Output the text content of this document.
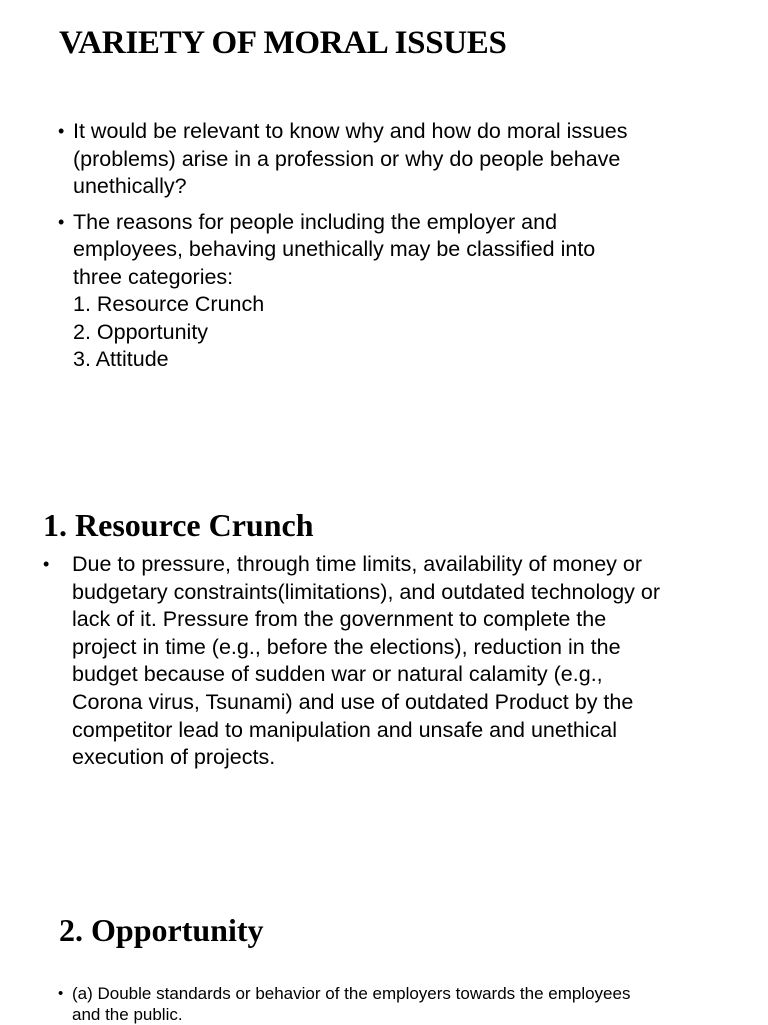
VARIETY OF MORAL ISSUES
• It would be relevant to know why and how do moral issues
(problems) arise in a profession or why do people behave
unethically?
• The reasons for people including the employer and
employees, behaving unethically may be classified into
three categories:
1. Resource Crunch
2. Opportunity
3. Attitude
1. Resource Crunch
• Due to pressure, through time limits, availability of money or
budgetary constraints(limitations), and outdated technology or
lack of it. Pressure from the government to complete the
project in time (e.g., before the elections), reduction in the
budget because of sudden war or natural calamity (e.g.,
Corona virus, Tsunami) and use of outdated Product by the
competitor lead to manipulation and unsafe and unethical
execution of projects.
2. Opportunity
• (a) Double standards or behavior of the employers towards the employees
and the public.
